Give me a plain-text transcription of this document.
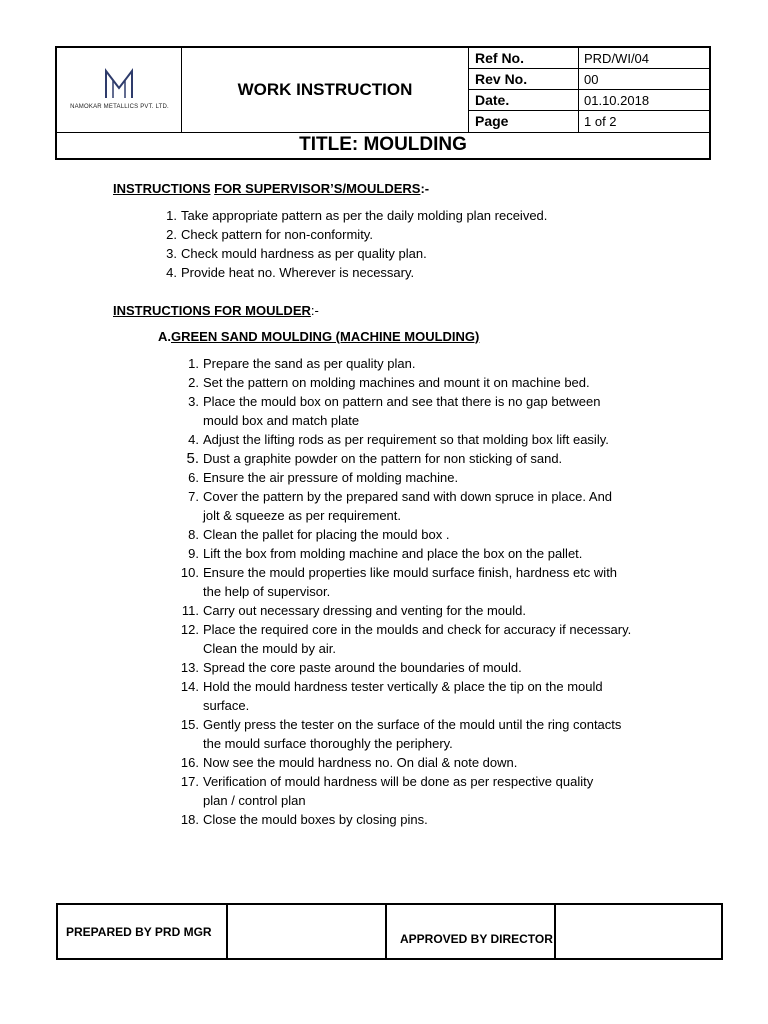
NAMOKAR METALLICS PVT. LTD.
WORK INSTRUCTION
Ref No.	PRD/WI/04
Rev No.	00
Date.	01.10.2018
Page	1 of 2
TITLE: MOULDING
INSTRUCTIONS FOR SUPERVISOR’S/MOULDERS:-
1. Take appropriate pattern as per the daily molding plan received.
2. Check pattern for non-conformity.
3. Check mould hardness as per quality plan.
4. Provide heat no. Wherever is necessary.
INSTRUCTIONS FOR MOULDER:-
A.GREEN SAND MOULDING (MACHINE MOULDING)
1. Prepare the sand as per quality plan.
2. Set the pattern on molding machines and mount it on machine bed.
3. Place the mould box on pattern and see that there is no gap between
mould box and match plate
4. Adjust the lifting rods as per requirement so that molding box lift easily.
5. Dust a graphite powder on the pattern for non sticking of sand.
6. Ensure the air pressure of molding machine.
7. Cover the pattern by the prepared sand with down spruce in place. And
jolt & squeeze as per requirement.
8. Clean the pallet for placing the mould box .
9. Lift the box from molding machine and place the box on the pallet.
10. Ensure the mould properties like mould surface finish, hardness etc with
the help of supervisor.
11. Carry out necessary dressing and venting for the mould.
12. Place the required core in the moulds and check for accuracy if necessary.
Clean the mould by air.
13. Spread the core paste around the boundaries of mould.
14. Hold the mould hardness tester vertically & place the tip on the mould
surface.
15. Gently press the tester on the surface of the mould until the ring contacts
the mould surface thoroughly the periphery.
16. Now see the mould hardness no. On dial & note down.
17. Verification of mould hardness will be done as per respective quality
plan / control plan
18. Close the mould boxes by closing pins.
PREPARED BY PRD MGR	APPROVED BY DIRECTOR
